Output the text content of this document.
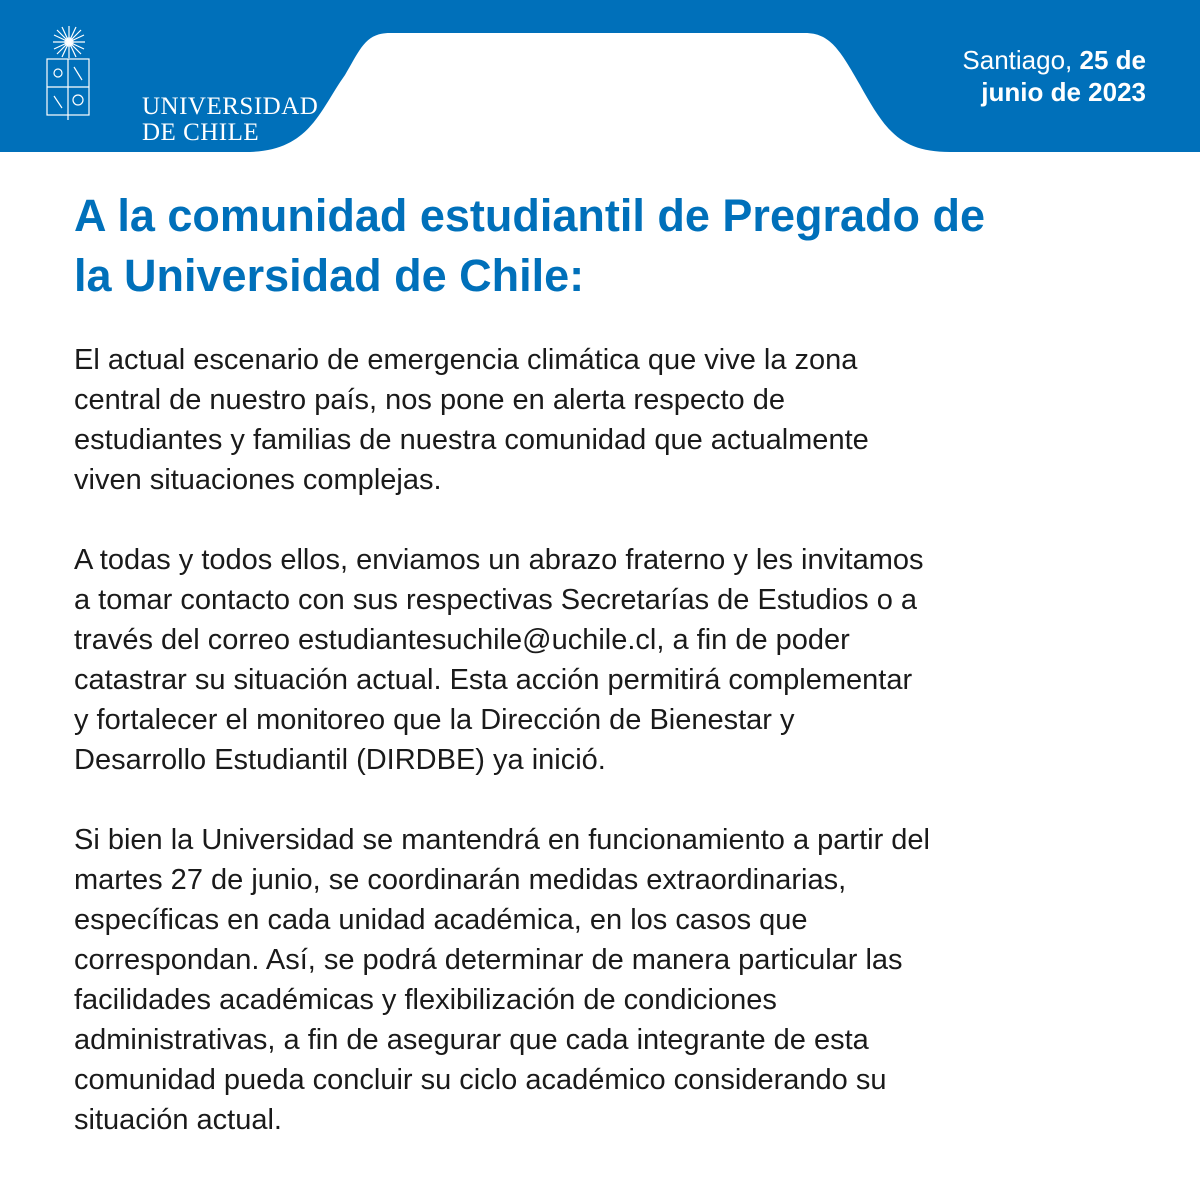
UNIVERSIDAD
DE CHILE
Santiago, 25 de
junio de 2023
A la comunidad estudiantil de Pregrado de
la Universidad de Chile:

El actual escenario de emergencia climática que vive la zona
central de nuestro país, nos pone en alerta respecto de
estudiantes y familias de nuestra comunidad que actualmente
viven situaciones complejas.

A todas y todos ellos, enviamos un abrazo fraterno y les invitamos
a tomar contacto con sus respectivas Secretarías de Estudios o a
través del correo estudiantesuchile@uchile.cl, a fin de poder
catastrar su situación actual. Esta acción permitirá complementar
y fortalecer el monitoreo que la Dirección de Bienestar y
Desarrollo Estudiantil (DIRDBE) ya inició.

Si bien la Universidad se mantendrá en funcionamiento a partir del
martes 27 de junio, se coordinarán medidas extraordinarias,
específicas en cada unidad académica, en los casos que
correspondan. Así, se podrá determinar de manera particular las
facilidades académicas y flexibilización de condiciones
administrativas, a fin de asegurar que cada integrante de esta
comunidad pueda concluir su ciclo académico considerando su
situación actual.
